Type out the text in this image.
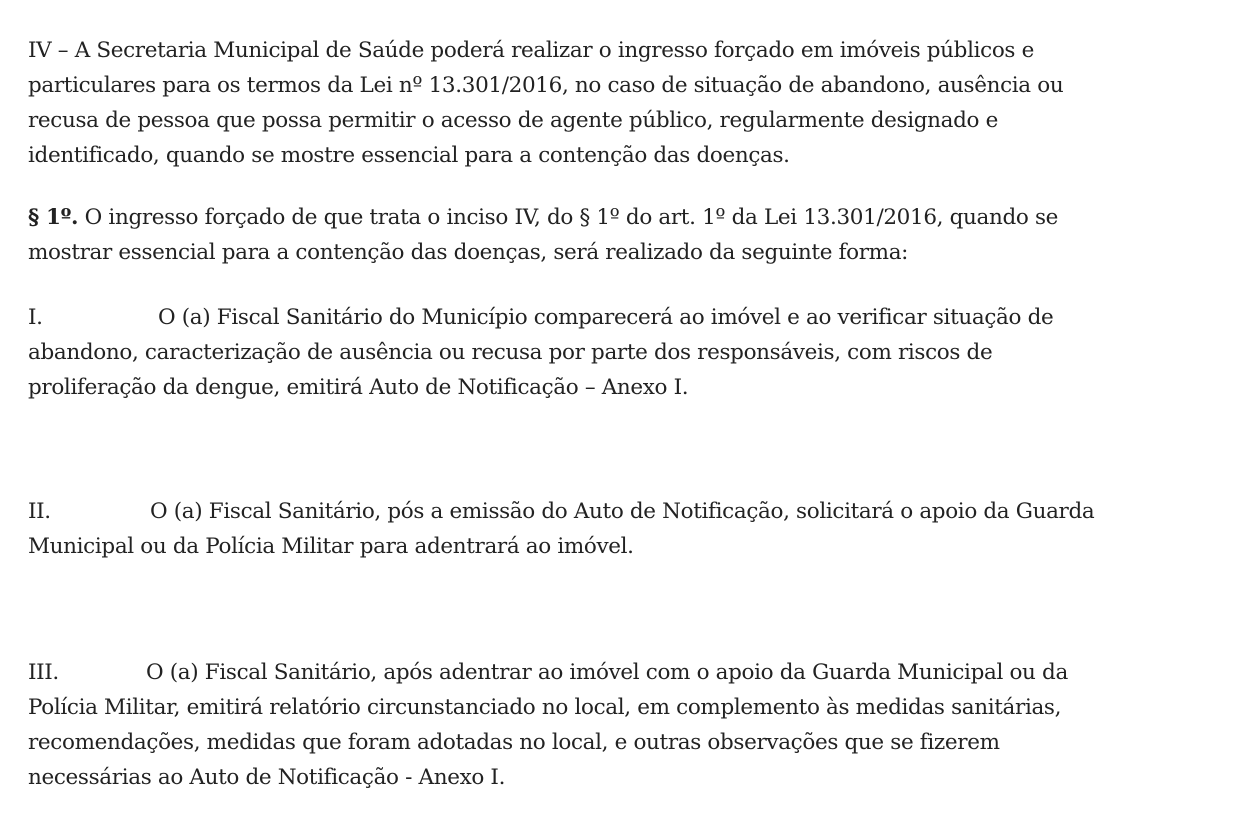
IV – A Secretaria Municipal de Saúde poderá realizar o ingresso forçado em imóveis públicos e
particulares para os termos da Lei nº 13.301/2016, no caso de situação de abandono, ausência ou
recusa de pessoa que possa permitir o acesso de agente público, regularmente designado e
identificado, quando se mostre essencial para a contenção das doenças.
§ 1º. O ingresso forçado de que trata o inciso IV, do § 1º do art. 1º da Lei 13.301/2016, quando se
mostrar essencial para a contenção das doenças, será realizado da seguinte forma:
I.	O (a) Fiscal Sanitário do Município comparecerá ao imóvel e ao verificar situação de
abandono, caracterização de ausência ou recusa por parte dos responsáveis, com riscos de
proliferação da dengue, emitirá Auto de Notificação – Anexo I.
II.	O (a) Fiscal Sanitário, pós a emissão do Auto de Notificação, solicitará o apoio da Guarda
Municipal ou da Polícia Militar para adentrará ao imóvel.
III.	O (a) Fiscal Sanitário, após adentrar ao imóvel com o apoio da Guarda Municipal ou da
Polícia Militar, emitirá relatório circunstanciado no local, em complemento às medidas sanitárias,
recomendações, medidas que foram adotadas no local, e outras observações que se fizerem
necessárias ao Auto de Notificação - Anexo I.
